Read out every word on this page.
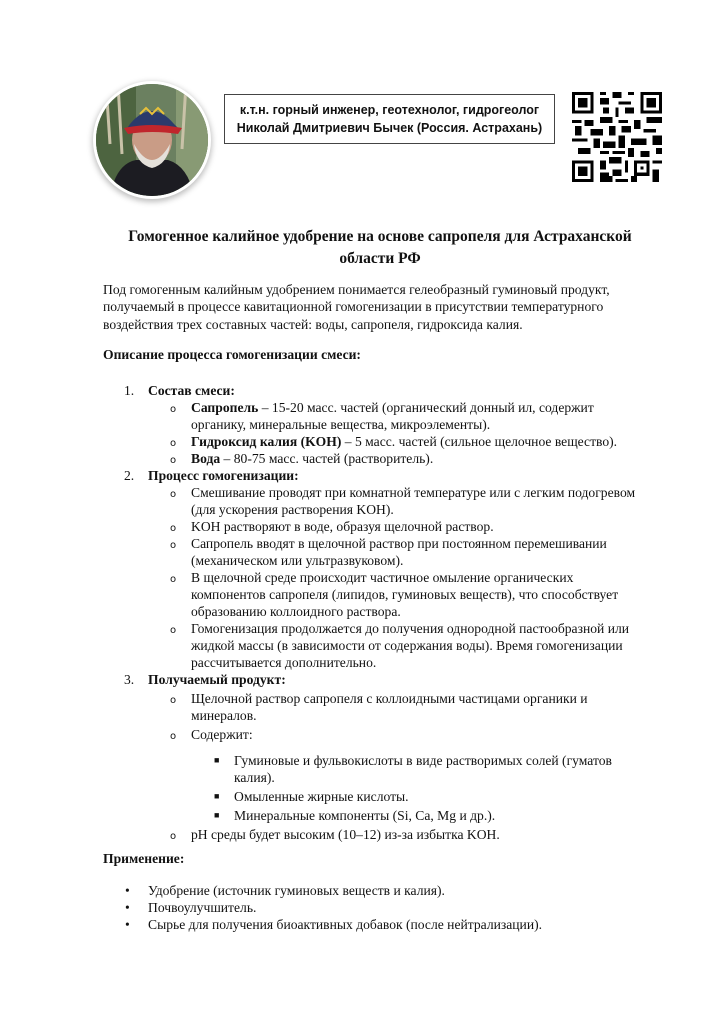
к.т.н. горный инженер, геотехнолог, гидрогеолог
Николай Дмитриевич Бычек (Россия. Астрахань)
Гомогенное калийное удобрение на основе сапропеля для Астраханской
области РФ

Под гомогенным калийным удобрением понимается гелеобразный гуминовый продукт,
получаемый в процессе кавитационной гомогенизации в присутствии температурного
воздействия трех составных частей: воды, сапропеля, гидроксида калия.

Описание процесса гомогенизации смеси:

1. Состав смеси:
o Сапропель – 15-20 масс. частей (органический донный ил, содержит
органику, минеральные вещества, микроэлементы).
o Гидроксид калия (KOH) – 5 масс. частей (сильное щелочное вещество).
o Вода – 80-75 масс. частей (растворитель).
2. Процесс гомогенизации:
o Смешивание проводят при комнатной температуре или с легким подогревом
(для ускорения растворения KOH).
o KOH растворяют в воде, образуя щелочной раствор.
o Сапропель вводят в щелочной раствор при постоянном перемешивании
(механическом или ультразвуковом).
o В щелочной среде происходит частичное омыление органических
компонентов сапропеля (липидов, гуминовых веществ), что способствует
образованию коллоидного раствора.
o Гомогенизация продолжается до получения однородной пастообразной или
жидкой массы (в зависимости от содержания воды). Время гомогенизации
рассчитывается дополнительно.
3. Получаемый продукт:
o Щелочной раствор сапропеля с коллоидными частицами органики и
минералов.
o Содержит:
■ Гуминовые и фульвокислоты в виде растворимых солей (гуматов
калия).
■ Омыленные жирные кислоты.
■ Минеральные компоненты (Si, Ca, Mg и др.).
o pH среды будет высоким (10–12) из-за избытка KOH.

Применение:

• Удобрение (источник гуминовых веществ и калия).
• Почвоулучшитель.
• Сырье для получения биоактивных добавок (после нейтрализации).
